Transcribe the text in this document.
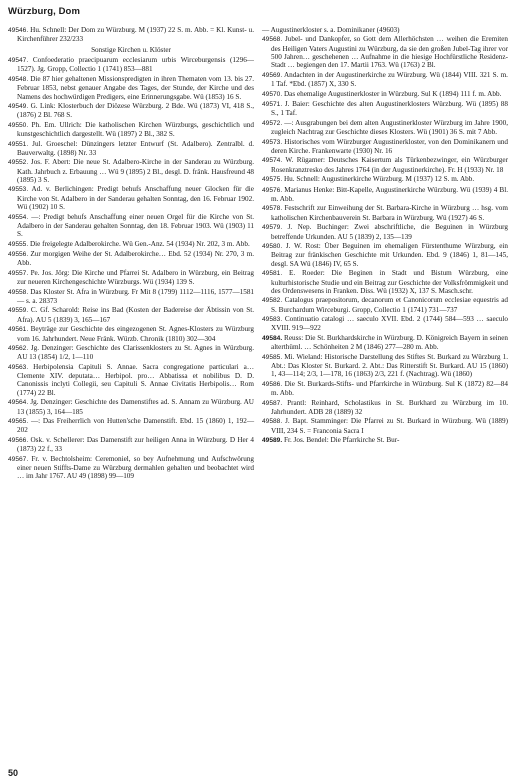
Würzburg, Dom

49546. Hu. Schnell: Der Dom zu Würzburg. M (1937) 22 S. m. Abb. = Kl. Kunst- u. Kirchenführer 232/233

Sonstige Kirchen u. Klöster

49547. Confoederatio praecipuarum ecclesiarum urbis Wirceburgensis (1296—1527). Jg. Gropp, Collectio 1 (1741) 853—881

49548. Die 87 hier gehaltenen Missionspredigten in ihren Thematen vom 13. bis 27. Februar 1853, nebst genauer Angabe des Tages, der Stunde, der Kirche und des Namens des hochwürdigen Predigers, eine Erinnerungsgabe. Wü (1853) 16 S.

49549. G. Link: Klosterbuch der Diözese Würzburg. 2 Bde. Wü (1873) VI, 418 S., (1876) 2 Bl. 768 S.

49550. Ph. Em. Ullrich: Die katholischen Kirchen Würzburgs, geschichtlich und kunstgeschichtlich dargestellt. Wü (1897) 2 Bl., 382 S.

49551. Jul. Groeschel: Dünzingers letzter Entwurf (St. Adalbero). Zentralbl. d. Bauverwaltg. (1898) Nr. 33

49552. Jos. F. Abert: Die neue St. Adalbero-Kirche in der Sanderau zu Würzburg. Kath. Jahrbuch z. Erbauung … Wü 9 (1895) 2 Bl., desgl. D. fränk. Hausfreund 48 (1895) 3 S.

49553. Ad. v. Berlichingen: Predigt behufs Anschaffung neuer Glocken für die Kirche von St. Adalbero in der Sanderau gehalten Sonntag, den 16. Februar 1902. Wü (1902) 10 S.

49554. —: Predigt behufs Anschaffung einer neuen Orgel für die Kirche von St. Adalbero in der Sanderau gehalten Sonntag, den 18. Februar 1903. Wü (1903) 11 S.

49555. Die freigelegte Adalberokirche. Wü Gen.-Anz. 54 (1934) Nr. 202, 3 m. Abb.

49556. Zur morgigen Weihe der St. Adalberokirche… Ebd. 52 (1934) Nr. 270, 3 m. Abb.

49557. Pe. Jos. Jörg: Die Kirche und Pfarrei St. Adalbero in Würzburg, ein Beitrag zur neueren Kirchengeschichte Würzburgs. Wü (1934) 139 S.

49558. Das Kloster St. Afra in Würzburg. Fr Mit 8 (1799) 1112—1116, 1577—1581 — s. a. 28373

49559. C. Gf. Scharold: Reise ins Bad (Kosten der Badereise der Äbtissin von St. Afra). AU 5 (1839) 3, 165—167

49561. Beyträge zur Geschichte des eingezogenen St. Agnes-Klosters zu Würzburg vom 16. Jahrhundert. Neue Fränk. Würzb. Chronik (1810) 302—304

49562. Jg. Denzinger: Geschichte des Clarissenklosters zu St. Agnes in Würzburg. AU 13 (1854) 1/2, 1—110

49563. Herbipolensia Capituli S. Annae. Sacra congregatione particulari a… Clemente XIV. deputata… Herbipol. pro… Abbatissa et nobilibus D. D. Canonissis inclyti Collegii, seu Capituli S. Annae Civitatis Herbipolis… Rom (1774) 22 Bl.

49564. Jg. Denzinger: Geschichte des Damenstiftes ad. S. Annam zu Würzburg. AU 13 (1855) 3, 164—185

49565. —: Das Freiherrlich von Hutten'sche Damenstift. Ebd. 15 (1860) 1, 192—202

49566. Osk. v. Schellerer: Das Damenstift zur heiligen Anna in Würzburg. D Her 4 (1873) 22 f., 33

49567. Fr. v. Bechtolsheim: Ceremoniel, so bey Aufnehmung und Aufschwörung einer neuen Stiffts-Dame zu Würzburg dermahlen gehalten und beobachtet wird … im Jahr 1767. AU 49 (1898) 99—109

— Augustinerkloster s. a. Dominikaner (49603)

49568. Jubel- und Dankopfer, so Gott dem Allerhöchsten … weihen die Eremiten des Heiligen Vaters Augustini zu Würzburg, da sie den großen Jubel-Tag ihrer vor 500 Jahren… geschehenen … Aufnahme in die hiesige Hochfürstliche Residenz-Stadt … begiengen den 17. Martii 1763. Wü (1763) 2 Bl.

49569. Andachten in der Augustinerkirche zu Würzburg. Wü (1844) VIII. 321 S. m. 1 Taf. *Ebd. (1857) X, 330 S.

49570. Das ehemalige Augustinerkloster in Würzburg. Sul K (1894) 111 f. m. Abb.

49571. J. Baier: Geschichte des alten Augustinerklosters Würzburg. Wü (1895) 88 S., 1 Taf.

49572. —: Ausgrabungen bei dem alten Augustinerkloster Würzburg im Jahre 1900, zugleich Nachtrag zur Geschichte dieses Klosters. Wü (1901) 36 S. mit 7 Abb.

49573. Historisches vom Würzburger Augustinerkloster, von den Dominikanern und deren Kirche. Frankenwarte (1930) Nr. 16

49574. W. Rügamer: Deutsches Kaisertum als Türkenbezwinger, ein Würzburger Rosenkranztresko des Jahres 1764 (in der Augustinerkirche). Fr. H (1933) Nr. 18

49575. Hu. Schnell: Augustinerkirche Würzburg. M (1937) 12 S. m. Abb.

49576. Marianus Henke: Bitt-Kapelle, Augustinerkirche Würzburg. Wü (1939) 4 Bl. m. Abb.

49578. Festschrift zur Einweihung der St. Barbara-Kirche in Würzburg … hsg. vom katholischen Kirchenbauverein St. Barbara in Würzburg. Wü (1927) 46 S.

49579. J. Nep. Buchinger: Zwei abschriftliche, die Beguinen in Würzburg betreffende Urkunden. AU 5 (1839) 2, 135—139

49580. J. W. Rost: Über Beguinen im ehemaligen Fürstenthume Würzburg, ein Beitrag zur fränkischen Geschichte mit Urkunden. Ebd. 9 (1846) 1, 81—145, desgl. SA Wü (1846) IV, 65 S.

49581. E. Roeder: Die Beginen in Stadt und Bistum Würzburg, eine kulturhistorische Studie und ein Beitrag zur Geschichte der Volksfrömmigkeit und des Ordenswesens in Franken. Diss. Wü (1932) X, 137 S. Masch.schr.

49582. Catalogus praepositorum, decanorum et Canonicorum ecclesiae equestris ad S. Burchardum Wirceburgi. Gropp, Collectio 1 (1741) 731—737

49583. Continuatio catalogi … saeculo XVII. Ebd. 2 (1744) 584—593 … saeculo XVIII. 919—922

49584. Reuss: Die St. Burkhardskirche in Würzburg. D. Königreich Bayern in seinen alterthüml. … Schönheiten 2 M (1846) 277—280 m. Abb.

49585. Mi. Wieland: Historische Darstellung des Stiftes St. Burkard zu Würzburg 1. Abt.: Das Kloster St. Burkard. 2. Abt.: Das Ritterstift St. Burkard. AU 15 (1860) 1, 43—114; 2/3, 1—178, 16 (1863) 2/3, 221 f. (Nachtrag). Wü (1860)

49586. Die St. Burkards-Stifts- und Pfarrkirche in Würzburg. Sul K (1872) 82—84 m. Abb.

49587. Prantl: Reinhard, Scholastikus in St. Burkhard zu Würzburg im 10. Jahrhundert. ADB 28 (1889) 32

49588. J. Bapt. Stamminger: Die Pfarrei zu St. Burkard in Würzburg. Wü (1889) VIII, 234 S. = Franconia Sacra I

49589. Fr. Jos. Bendel: Die Pfarrkirche St. Bur-

50
